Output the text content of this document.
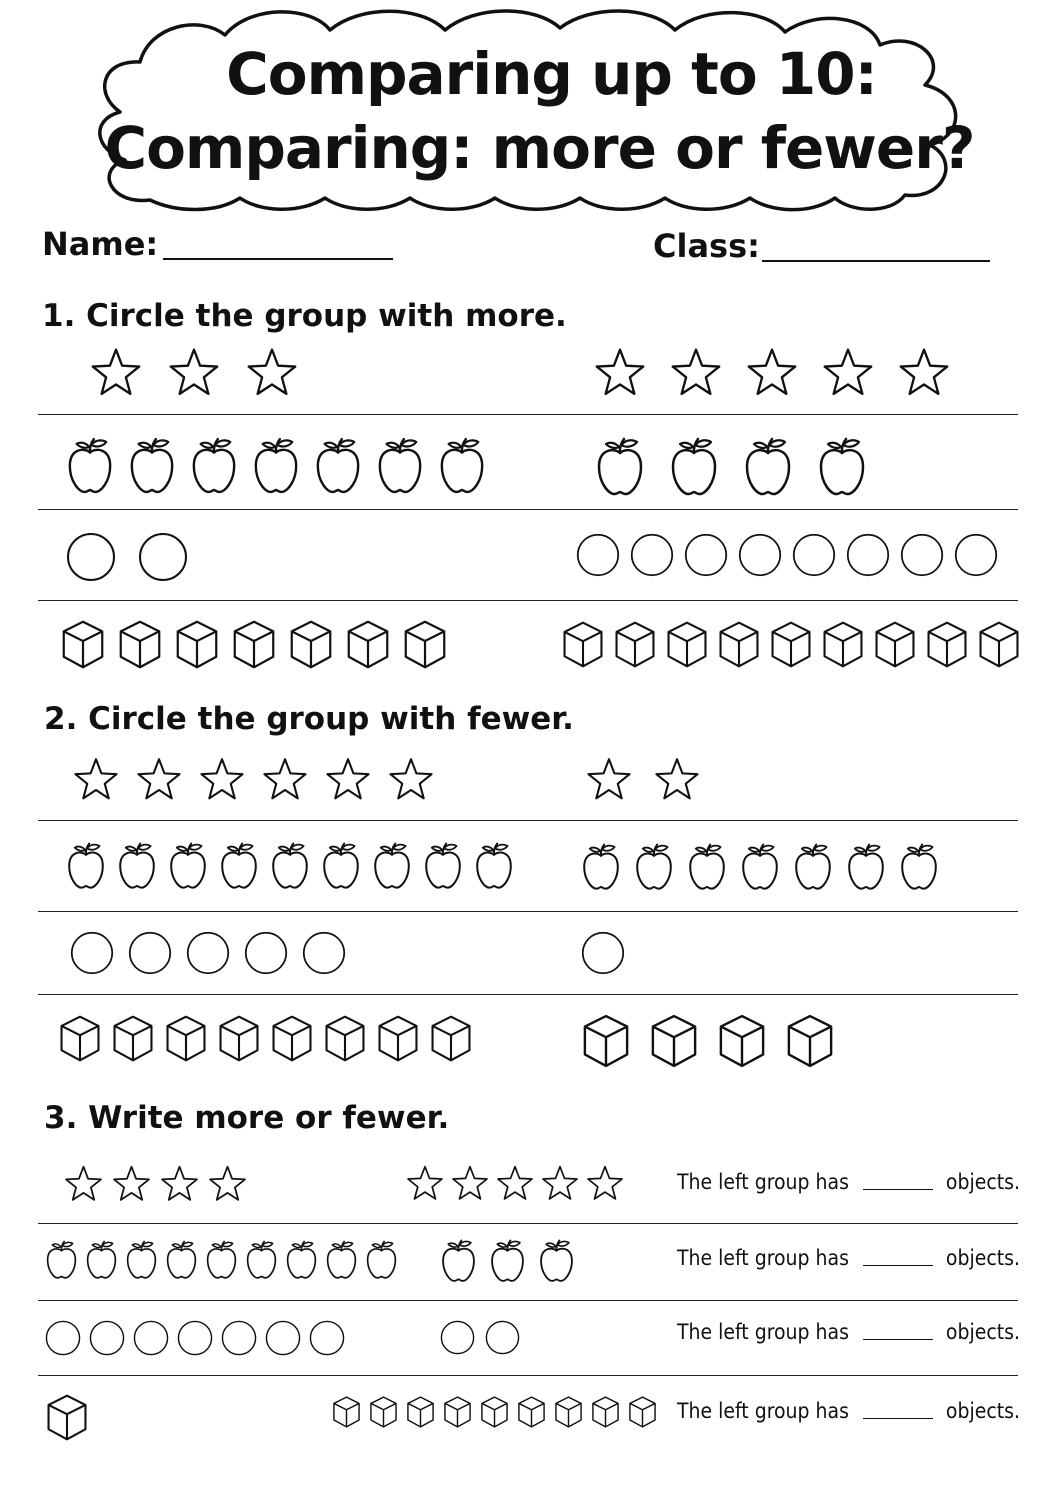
Comparing up to 10:
Comparing: more or fewer?
Name:	Class:
1. Circle the group with more.
2. Circle the group with fewer.
3. Write more or fewer.
The left group has	objects.
The left group has	objects.
The left group has	objects.
The left group has	objects.
